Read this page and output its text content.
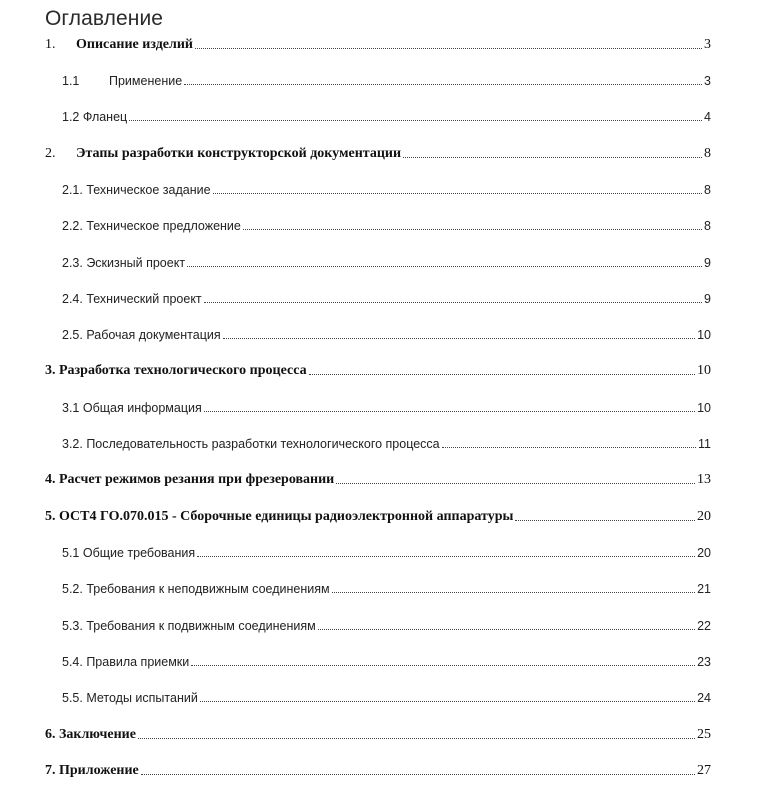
Оглавление
1.	Описание изделий	3
1.1	Применение	3
1.2 Фланец	4
2.	Этапы разработки конструкторской документации	8
2.1. Техническое задание	8
2.2. Техническое предложение	8
2.3. Эскизный проект	9
2.4. Технический проект	9
2.5. Рабочая документация	10
3. Разработка технологического процесса	10
3.1 Общая информация	10
3.2. Последовательность разработки технологического процесса	11
4. Расчет режимов резания при фрезеровании	13
5. ОСТ4 ГО.070.015 - Сборочные единицы радиоэлектронной аппаратуры	20
5.1 Общие требования	20
5.2. Требования к неподвижным соединениям	21
5.3. Требования к подвижным соединениям	22
5.4. Правила приемки	23
5.5. Методы испытаний	24
6. Заключение	25
7. Приложение	27
